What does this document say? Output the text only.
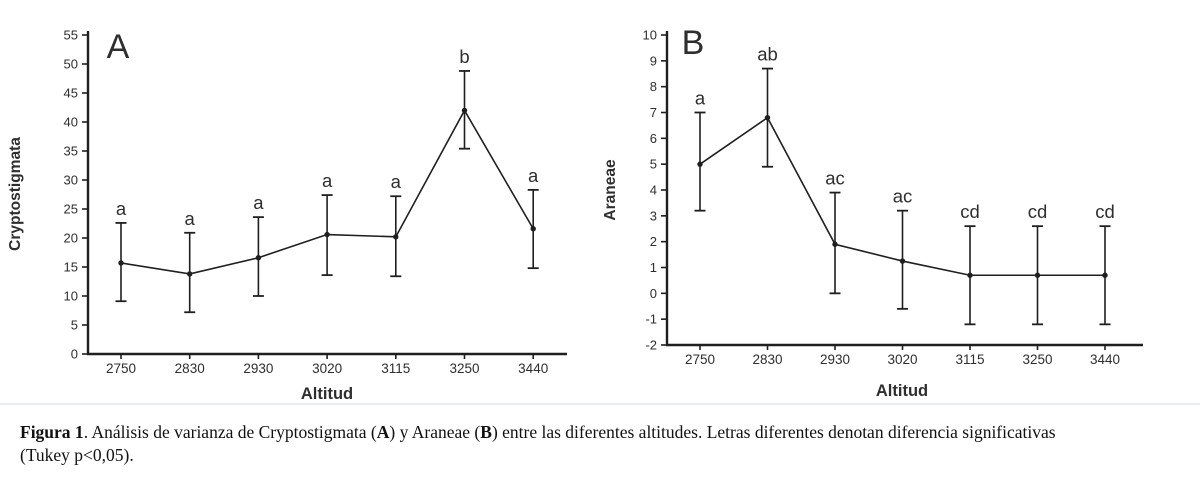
0
5
10
15
20
25
30
35
40
45
50
55
2750	2830	2930	3020	3115	3250	3440
a	a
a
a	a
b
a
A
Cryptostigmata
Altitud
-2
-1
0
1
2
3
4
5
6
7
8
9
10
2750	2830	2930	3020	3115	3250	3440
a
ab
ac
ac
cd	cd	cd
B
Araneae
Altitud

Figura 1. Análisis de varianza de Cryptostigmata (A) y Araneae (B) entre las diferentes altitudes. Letras diferentes denotan diferencia significativas
(Tukey p<0,05).
